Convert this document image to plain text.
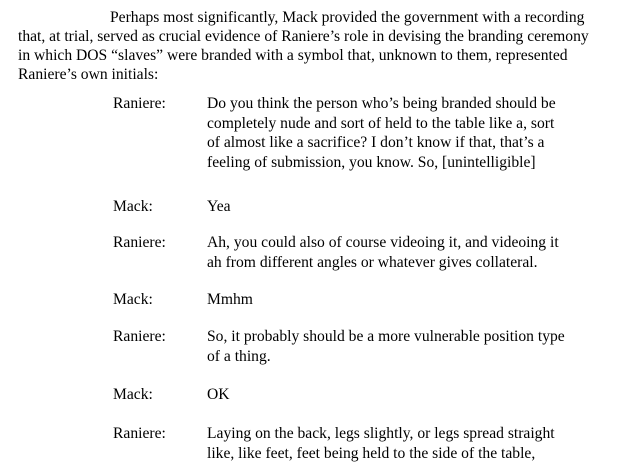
Perhaps most significantly, Mack provided the government with a recording
that, at trial, served as crucial evidence of Raniere’s role in devising the branding ceremony
in which DOS “slaves” were branded with a symbol that, unknown to them, represented
Raniere’s own initials:

Raniere:	Do you think the person who’s being branded should be
completely nude and sort of held to the table like a, sort
of almost like a sacrifice? I don’t know if that, that’s a
feeling of submission, you know. So, [unintelligible]
Mack:	Yea
Raniere:	Ah, you could also of course videoing it, and videoing it
ah from different angles or whatever gives collateral.
Mack:	Mmhm
Raniere:	So, it probably should be a more vulnerable position type
of a thing.
Mack:	OK
Raniere:	Laying on the back, legs slightly, or legs spread straight
like, like feet, feet being held to the side of the table,
